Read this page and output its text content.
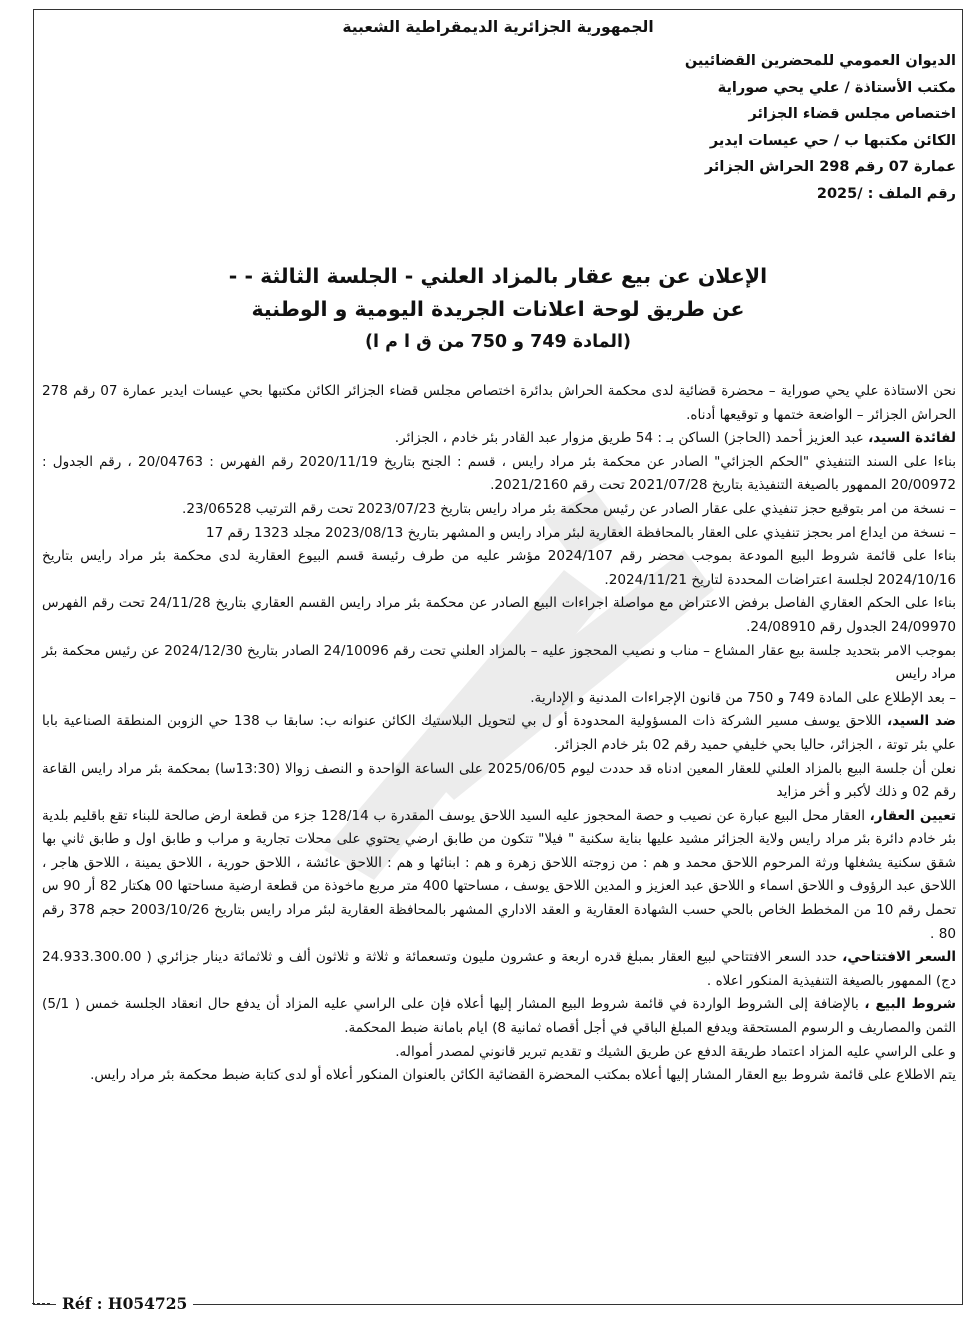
الجمهورية الجزائرية الديمقراطية الشعبية
الديوان العمومي للمحضرين القضائيين
مكتب الأستاذة / علي يحي صوراية
اختصاص مجلس قضاء الجزائر
الكائن مكتبها ب / حي عيسات ايدير
عمارة 07 رقم 298 الحراش الجزائر
رقم الملف : /2025
الإعلان عن بيع عقار بالمزاد العلني - الجلسة الثالثة - -
عن طريق لوحة اعلانات الجريدة اليومية و الوطنية
(المادة 749 و 750 من ق ا م ا)

نحن الاستاذة علي يحي صوراية – محضرة قضائية لدى محكمة الحراش بدائرة اختصاص مجلس قضاء الجزائر الكائن مكتبها بحي عيسات ايدير عمارة 07 رقم 278 الحراش الجزائر – الواضعة ختمها و توقيعها أدناه.

لفائدة السيد، عبد العزيز أحمد (الحاجز) الساكن بـ : 54 طريق مزوار عبد القادر بئر خادم ، الجزائر.

بناءا على السند التنفيذي "الحكم الجزائي" الصادر عن محكمة بئر مراد رايس ، قسم : الجنح بتاريخ 2020/11/19 رقم الفهرس : 20/04763 ، رقم الجدول : 20/00972 الممهور بالصيغة التنفيذية بتاريخ 2021/07/28 تحت رقم 2021/2160.

– نسخة من امر بتوقيع حجز تنفيذي على عقار الصادر عن رئيس محكمة بئر مراد رايس بتاريخ 2023/07/23 تحت رقم الترتيب 23/06528.

– نسخة من ايداع امر بحجز تنفيذي على العقار بالمحافظة العقارية لبئر مراد رايس و المشهر بتاريخ 2023/08/13 مجلد 1323 رقم 17

بناءا على قائمة شروط البيع المودعة بموجب محضر رقم 2024/107 مؤشر عليه من طرف رئيسة قسم البيوع العقارية لدى محكمة بئر مراد رايس بتاريخ 2024/10/16 لجلسة اعتراضات المحددة لتاريخ 2024/11/21.

بناءا على الحكم العقاري الفاصل برفض الاعتراض مع مواصلة اجراءات البيع الصادر عن محكمة بئر مراد رايس القسم العقاري بتاريخ 24/11/28 تحت رقم الفهرس 24/09970 الجدول رقم 24/08910.

بموجب الامر بتحديد جلسة بيع عقار المشاع – مناب و نصيب المحجوز عليه – بالمزاد العلني تحت رقم 24/10096 الصادر بتاريخ 2024/12/30 عن رئيس محكمة بئر مراد رايس

– بعد الإطلاع على المادة 749 و 750 من قانون الإجراءات المدنية و الإدارية.

ضد السيد، اللاحق يوسف مسير الشركة ذات المسؤولية المحدودة أو ل بي لتحويل البلاستيك الكائن عنوانه ب: سابقا ب 138 حي الزوبن المنطقة الصناعية بابا علي بئر توتة ، الجزائر، حاليا بحي خليفي حميد رقم 02 بئر خادم الجزائر.

نعلن أن جلسة البيع بالمزاد العلني للعقار المعين ادناه قد حددت ليوم 2025/06/05 على الساعة الواحدة و النصف زوالا (13:30سا) بمحكمة بئر مراد رايس القاعة رقم 02 و ذلك لأكبر و أخر مزايد

تعيين العقار، العقار محل البيع عبارة عن نصيب و حصة المحجوز عليه السيد اللاحق يوسف المقدرة ب 128/14 جزء من قطعة ارض صالحة للبناء تقع باقليم بلدية بئر خادم دائرة بئر مراد رايس ولاية الجزائر مشيد عليها بناية سكنية " فيلا" تتكون من طابق ارضي يحتوي على محلات تجارية و مراب و طابق اول و طابق ثاني بها شقق سكنية يشغلها ورثة المرحوم اللاحق محمد و هم : من زوجته اللاحق زهرة و هم : ابنائها و هم : اللاحق عائشة ، اللاحق حورية ، اللاحق يمينة ، اللاحق هاجر ، اللاحق عبد الرؤوف و اللاحق اسماء و اللاحق عبد العزيز و المدين اللاحق يوسف ، مساحتها 400 متر مربع ماخوذة من قطعة ارضية مساحتها 00 هكتار 82 أر 90 س تحمل رقم 10 من المخطط الخاص بالحي حسب الشهادة العقارية و العقد الاداري المشهر بالمحافظة العقارية لبئر مراد رايس بتاريخ 2003/10/26 حجم 378 رقم 80 .

السعر الافتتاحي، حدد السعر الافتتاحي لبيع العقار بمبلغ قدره اربعة و عشرون مليون وتسعمائة و ثلاثة و ثلاثون ألف و ثلاثمائة دينار جزائري ( 24.933.300.00 دج) الممهور بالصيغة التنفيذية المنكور اعلاه .

شروط البيع ، بالإضافة إلى الشروط الواردة في قائمة شروط البيع المشار إليها أعلاه فإن على الراسي عليه المزاد أن يدفع حال انعقاد الجلسة خمس ( 5/1) الثمن والمصاريف و الرسوم المستحقة ويدفع المبلغ الباقي في أجل أقصاه ثمانية 8) ايام بامانة ضبط المحكمة.

و على الراسي عليه المزاد اعتماد طريقة الدفع عن طريق الشيك و تقديم تبرير قانوني لمصدر أمواله.

يتم الاطلاع على قائمة شروط بيع العقار المشار إليها أعلاه بمكتب المحضرة القضائية الكائن بالعنوان المنكور أعلاه أو لدى كتابة ضبط محكمة بئر مراد رايس.

Réf : H054725
